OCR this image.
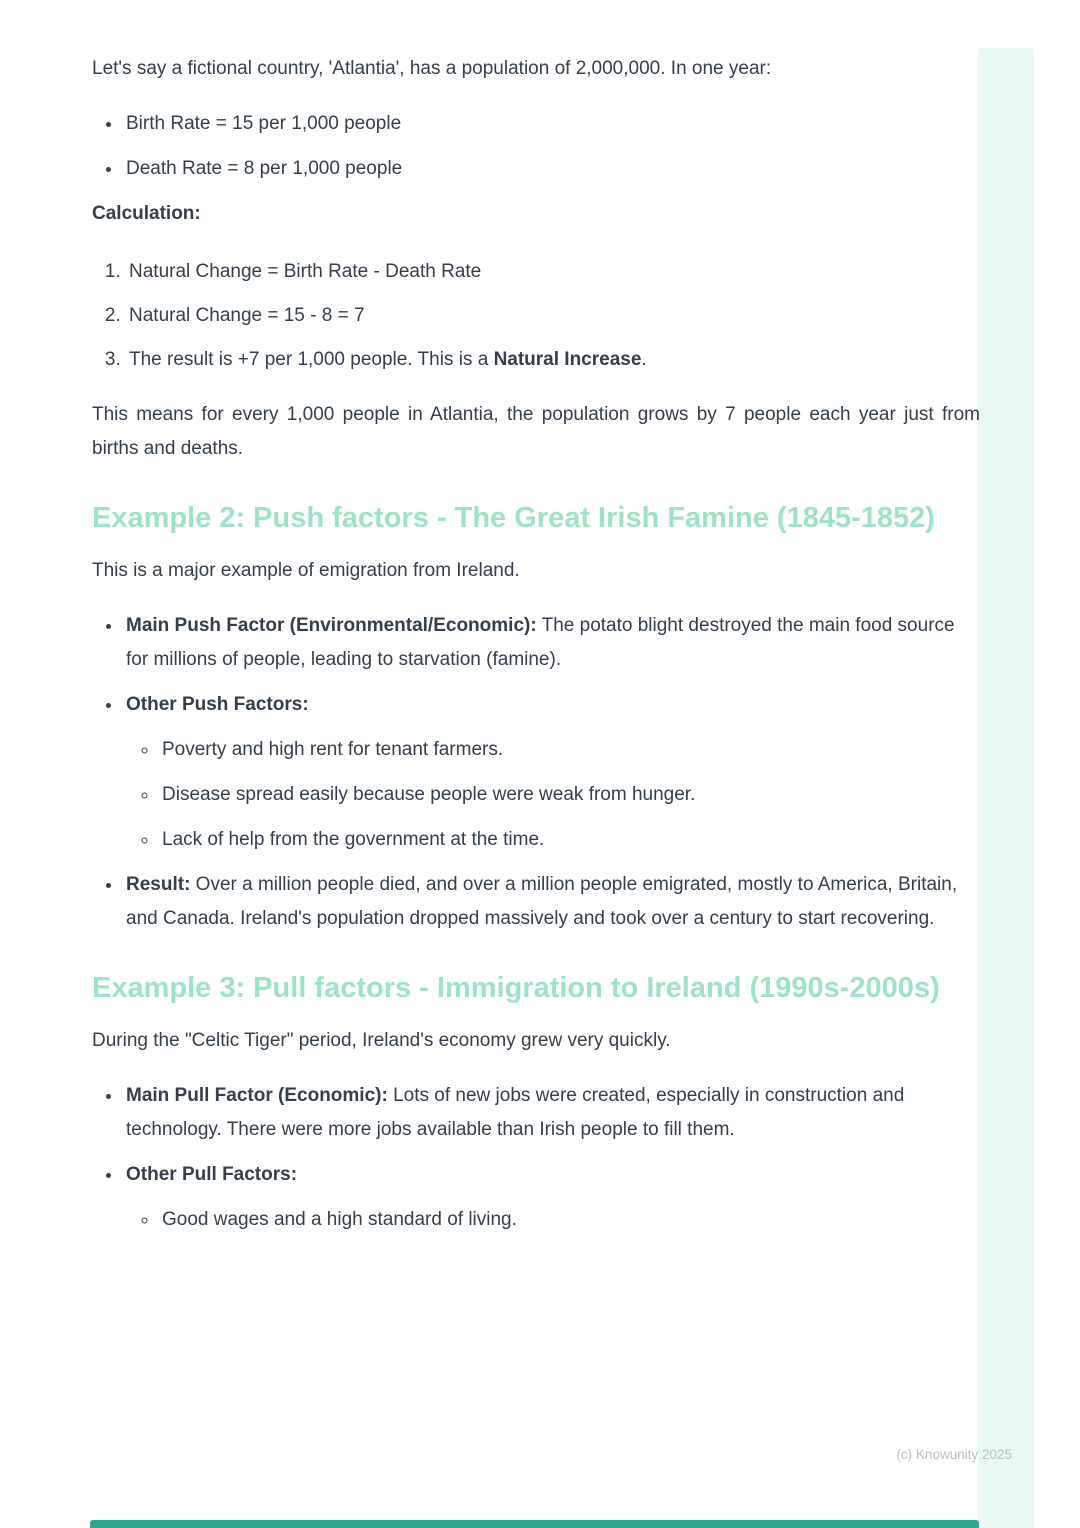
Let's say a fictional country, 'Atlantia', has a population of 2,000,000. In one year:

• Birth Rate = 15 per 1,000 people
• Death Rate = 8 per 1,000 people

Calculation:

1. Natural Change = Birth Rate - Death Rate
2. Natural Change = 15 - 8 = 7
3. The result is +7 per 1,000 people. This is a Natural Increase.

This means for every 1,000 people in Atlantia, the population grows by 7 people each year just from births and deaths.

Example 2: Push factors - The Great Irish Famine (1845-1852)

This is a major example of emigration from Ireland.

• Main Push Factor (Environmental/Economic): The potato blight destroyed the main food source for millions of people, leading to starvation (famine).
• Other Push Factors:
◦ Poverty and high rent for tenant farmers.
◦ Disease spread easily because people were weak from hunger.
◦ Lack of help from the government at the time.
• Result: Over a million people died, and over a million people emigrated, mostly to America, Britain, and Canada. Ireland's population dropped massively and took over a century to start recovering.
Example 3: Pull factors - Immigration to Ireland (1990s-2000s)

During the "Celtic Tiger" period, Ireland's economy grew very quickly.

• Main Pull Factor (Economic): Lots of new jobs were created, especially in construction and technology. There were more jobs available than Irish people to fill them.
• Other Pull Factors:
◦ Good wages and a high standard of living.
(c) Knowunity 2025
